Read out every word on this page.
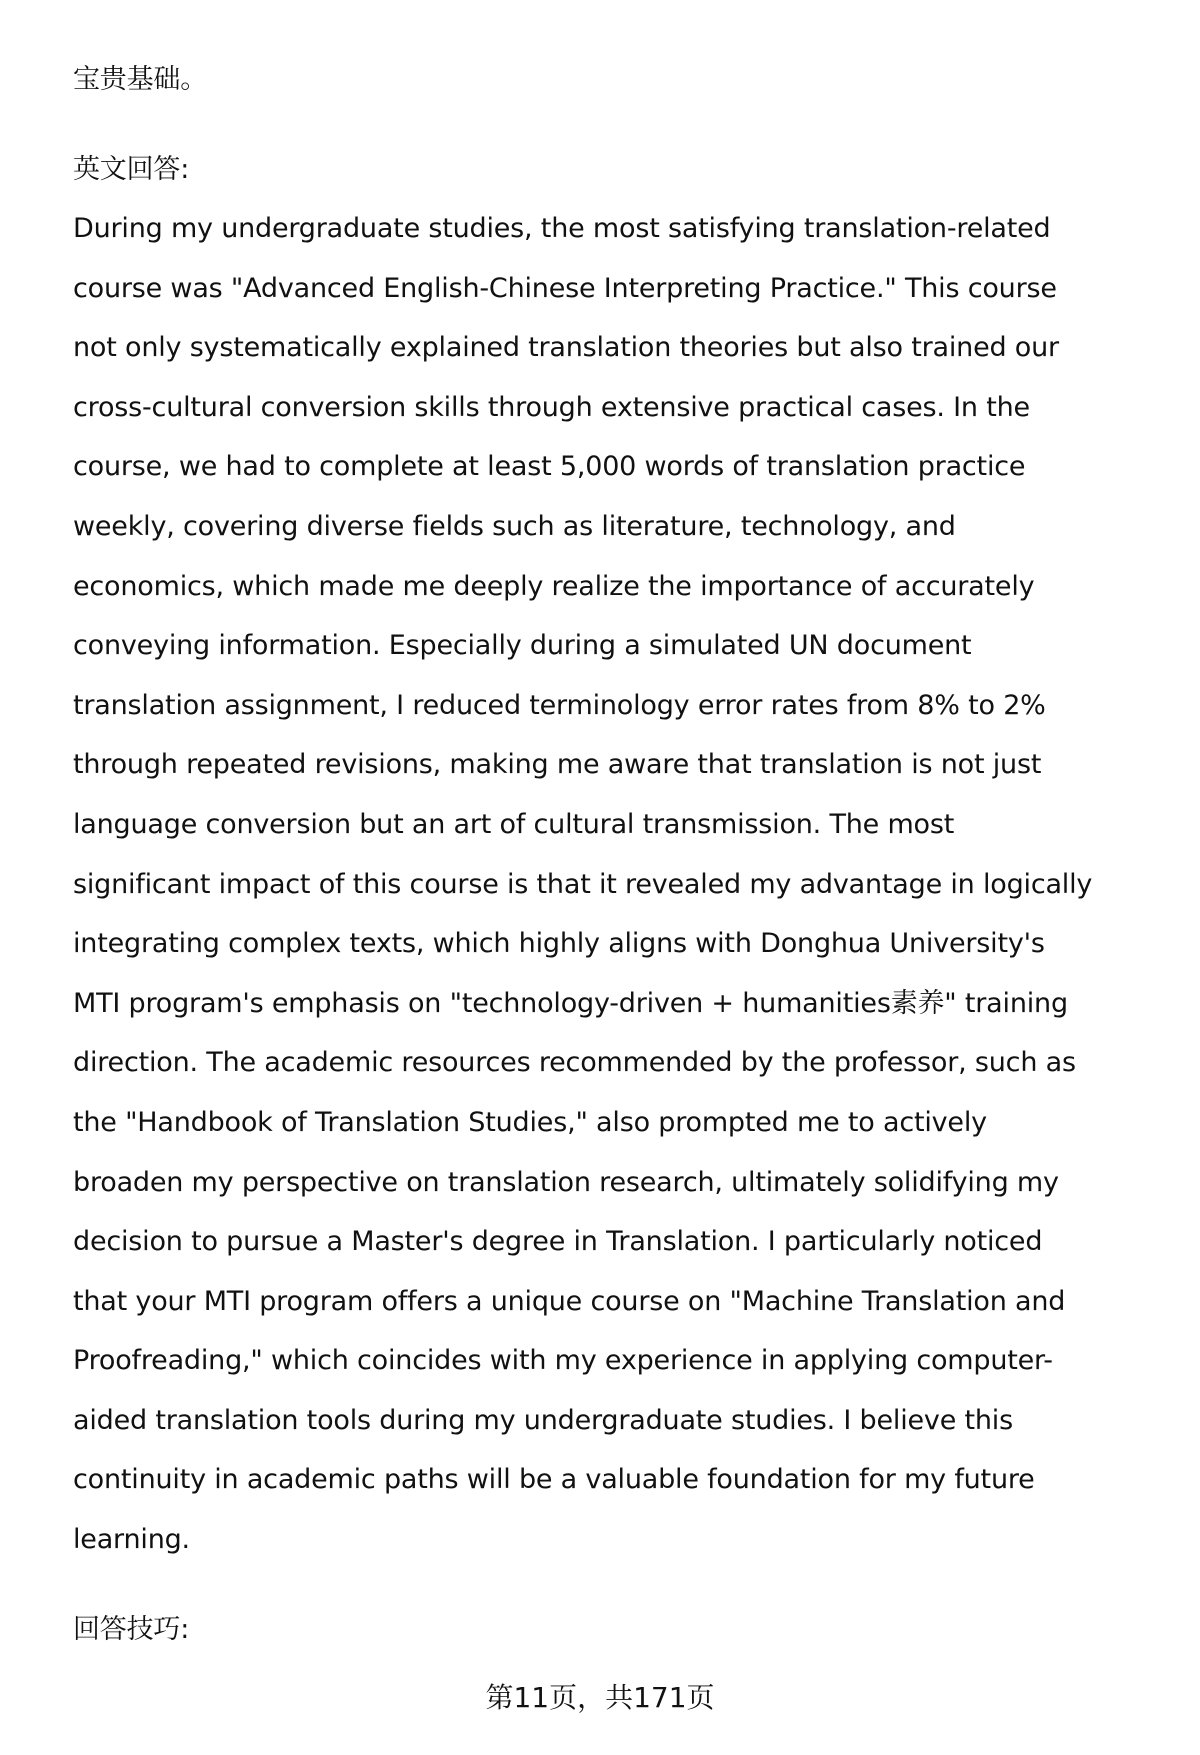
宝贵基础。
英文回答:
During my undergraduate studies, the most satisfying translation-related
course was "Advanced English-Chinese Interpreting Practice." This course
not only systematically explained translation theories but also trained our
cross-cultural conversion skills through extensive practical cases. In the
course, we had to complete at least 5,000 words of translation practice
weekly, covering diverse fields such as literature, technology, and
economics, which made me deeply realize the importance of accurately
conveying information. Especially during a simulated UN document
translation assignment, I reduced terminology error rates from 8% to 2%
through repeated revisions, making me aware that translation is not just
language conversion but an art of cultural transmission. The most
significant impact of this course is that it revealed my advantage in logically
integrating complex texts, which highly aligns with Donghua University's
MTI program's emphasis on "technology-driven + humanities素养" training
direction. The academic resources recommended by the professor, such as
the "Handbook of Translation Studies," also prompted me to actively
broaden my perspective on translation research, ultimately solidifying my
decision to pursue a Master's degree in Translation. I particularly noticed
that your MTI program offers a unique course on "Machine Translation and
Proofreading," which coincides with my experience in applying computer-
aided translation tools during my undergraduate studies. I believe this
continuity in academic paths will be a valuable foundation for my future
learning.
回答技巧:
第11页，共171页
